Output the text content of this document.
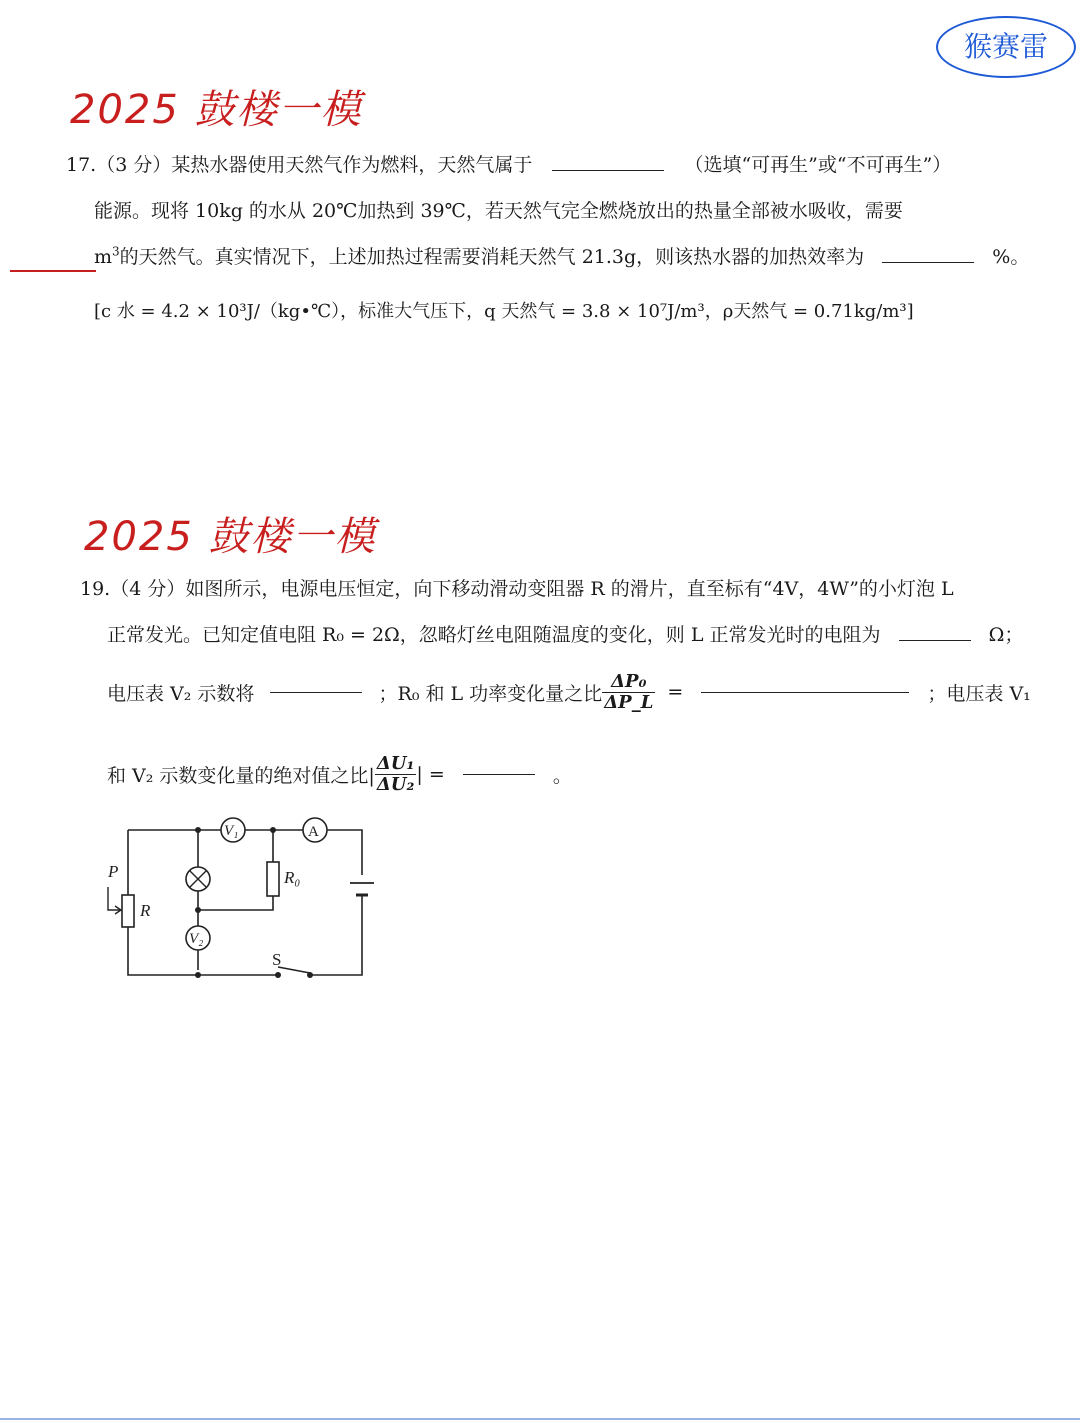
猴赛雷
2025 鼓楼一模
17.（3 分）某热水器使用天然气作为燃料，天然气属于	（选填“可再生”或“不可再生”）
能源。现将 10kg 的水从 20℃加热到 39℃，若天然气完全燃烧放出的热量全部被水吸收，需要
$m^3$的天然气。真实情况下，上述加热过程需要消耗天然气 21.3g，则该热水器的加热效率为	%。
[c 水 = 4.2 × 10³J/（kg•℃），标准大气压下，q 天然气 = 3.8 × 10⁷J/m³，ρ天然气 = 0.71kg/m³]
2025 鼓楼一模
19.（4 分）如图所示，电源电压恒定，向下移动滑动变阻器 R 的滑片，直至标有“4V，4W”的小灯泡 L
正常发光。已知定值电阻 R₀ = 2Ω，忽略灯丝电阻随温度的变化，则 L 正常发光时的电阻为	Ω；
电压表 V₂ 示数将	；R₀ 和 L 功率变化量之比 $\frac{\text{ΔP₀}}{\Delta P\_L}$ =	；电压表 V₁
和 V₂ 示数变化量的绝对值之比| $\frac{\text{ΔU₁}}{\text{ΔU₂}}$ | =	。
V₁	A
P
R
R₀
V₂
S
